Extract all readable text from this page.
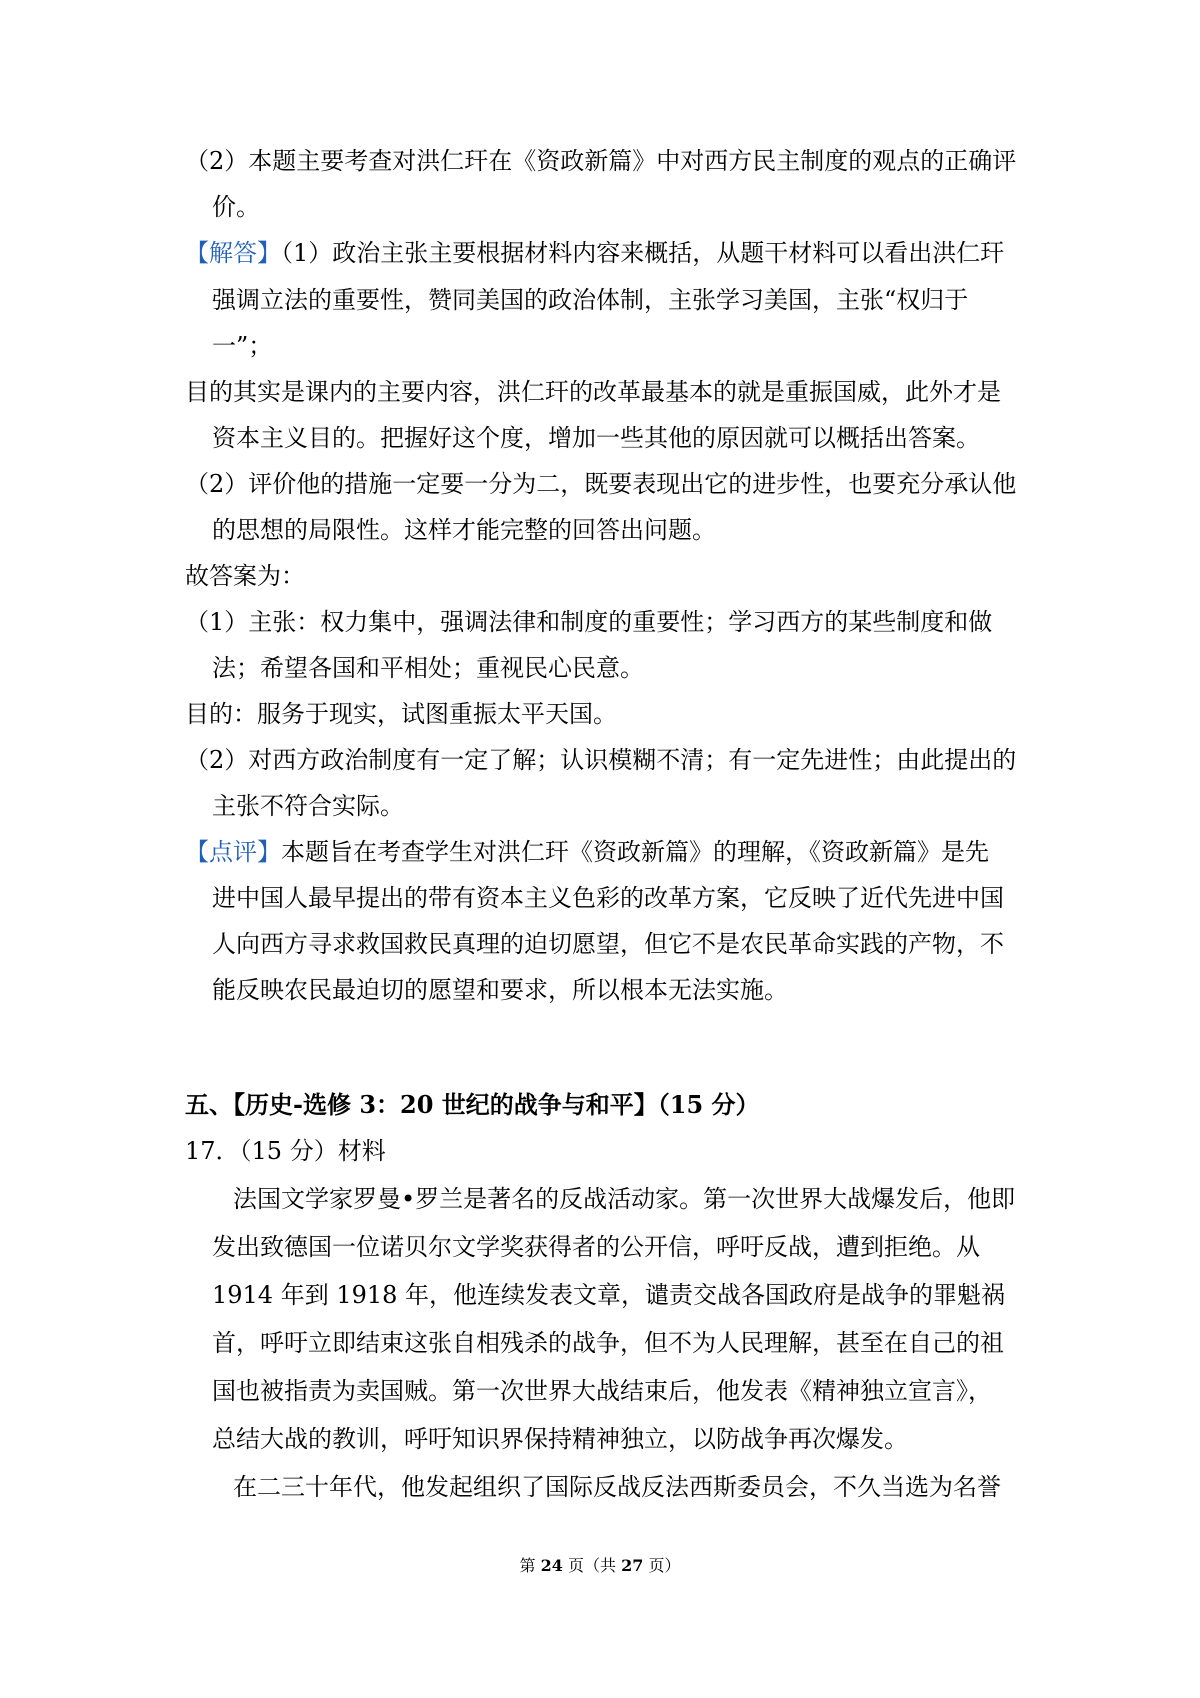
（2）本题主要考查对洪仁玕在《资政新篇》中对西方民主制度的观点的正确评
价。
【解答】（1）政治主张主要根据材料内容来概括，从题干材料可以看出洪仁玕
强调立法的重要性，赞同美国的政治体制，主张学习美国，主张“权归于
一”；
目的其实是课内的主要内容，洪仁玕的改革最基本的就是重振国威，此外才是
资本主义目的。把握好这个度，增加一些其他的原因就可以概括出答案。
（2）评价他的措施一定要一分为二，既要表现出它的进步性，也要充分承认他
的思想的局限性。这样才能完整的回答出问题。
故答案为：
（1）主张：权力集中，强调法律和制度的重要性；学习西方的某些制度和做
法；希望各国和平相处；重视民心民意。
目的：服务于现实，试图重振太平天国。
（2）对西方政治制度有一定了解；认识模糊不清；有一定先进性；由此提出的
主张不符合实际。
【点评】本题旨在考查学生对洪仁玕《资政新篇》的理解，《资政新篇》是先
进中国人最早提出的带有资本主义色彩的改革方案，它反映了近代先进中国
人向西方寻求救国救民真理的迫切愿望，但它不是农民革命实践的产物，不
能反映农民最迫切的愿望和要求，所以根本无法实施。
五、【历史-选修 3：20 世纪的战争与和平】（15 分）
17．（15 分）材料
法国文学家罗曼•罗兰是著名的反战活动家。第一次世界大战爆发后，他即
发出致德国一位诺贝尔文学奖获得者的公开信，呼吁反战，遭到拒绝。从
1914 年到 1918 年，他连续发表文章，谴责交战各国政府是战争的罪魁祸
首，呼吁立即结束这张自相残杀的战争，但不为人民理解，甚至在自己的祖
国也被指责为卖国贼。第一次世界大战结束后，他发表《精神独立宣言》，
总结大战的教训，呼吁知识界保持精神独立，以防战争再次爆发。
在二三十年代，他发起组织了国际反战反法西斯委员会，不久当选为名誉
第 24 页（共 27 页）
